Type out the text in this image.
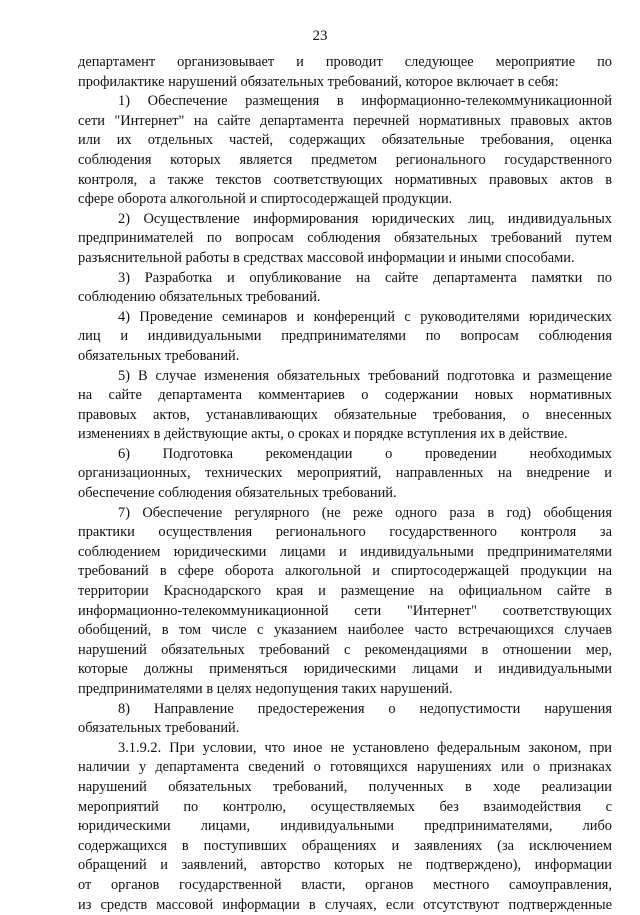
23
департамент организовывает и проводит следующее мероприятие по
профилактике нарушений обязательных требований, которое включает в себя:
1) Обеспечение размещения в информационно-телекоммуникационной
сети "Интернет" на сайте департамента перечней нормативных правовых актов
или их отдельных частей, содержащих обязательные требования, оценка
соблюдения которых является предметом регионального государственного
контроля, а также текстов соответствующих нормативных правовых актов в
сфере оборота алкогольной и спиртосодержащей продукции.
2) Осуществление информирования юридических лиц, индивидуальных
предпринимателей по вопросам соблюдения обязательных требований путем
разъяснительной работы в средствах массовой информации и иными способами.
3) Разработка и опубликование на сайте департамента памятки по
соблюдению обязательных требований.
4) Проведение семинаров и конференций с руководителями юридических
лиц и индивидуальными предпринимателями по вопросам соблюдения
обязательных требований.
5) В случае изменения обязательных требований подготовка и размещение
на сайте департамента комментариев о содержании новых нормативных
правовых актов, устанавливающих обязательные требования, о внесенных
изменениях в действующие акты, о сроках и порядке вступления их в действие.
6) Подготовка рекомендации о проведении необходимых
организационных, технических мероприятий, направленных на внедрение и
обеспечение соблюдения обязательных требований.
7) Обеспечение регулярного (не реже одного раза в год) обобщения
практики осуществления регионального государственного контроля за
соблюдением юридическими лицами и индивидуальными предпринимателями
требований в сфере оборота алкогольной и спиртосодержащей продукции на
территории Краснодарского края и размещение на официальном сайте в
информационно-телекоммуникационной сети "Интернет" соответствующих
обобщений, в том числе с указанием наиболее часто встречающихся случаев
нарушений обязательных требований с рекомендациями в отношении мер,
которые должны применяться юридическими лицами и индивидуальными
предпринимателями в целях недопущения таких нарушений.
8) Направление предостережения о недопустимости нарушения
обязательных требований.
3.1.9.2. При условии, что иное не установлено федеральным законом, при
наличии у департамента сведений о готовящихся нарушениях или о признаках
нарушений обязательных требований, полученных в ходе реализации
мероприятий по контролю, осуществляемых без взаимодействия с
юридическими лицами, индивидуальными предпринимателями, либо
содержащихся в поступивших обращениях и заявлениях (за исключением
обращений и заявлений, авторство которых не подтверждено), информации
от органов государственной власти, органов местного самоуправления,
из средств массовой информации в случаях, если отсутствуют подтвержденные
